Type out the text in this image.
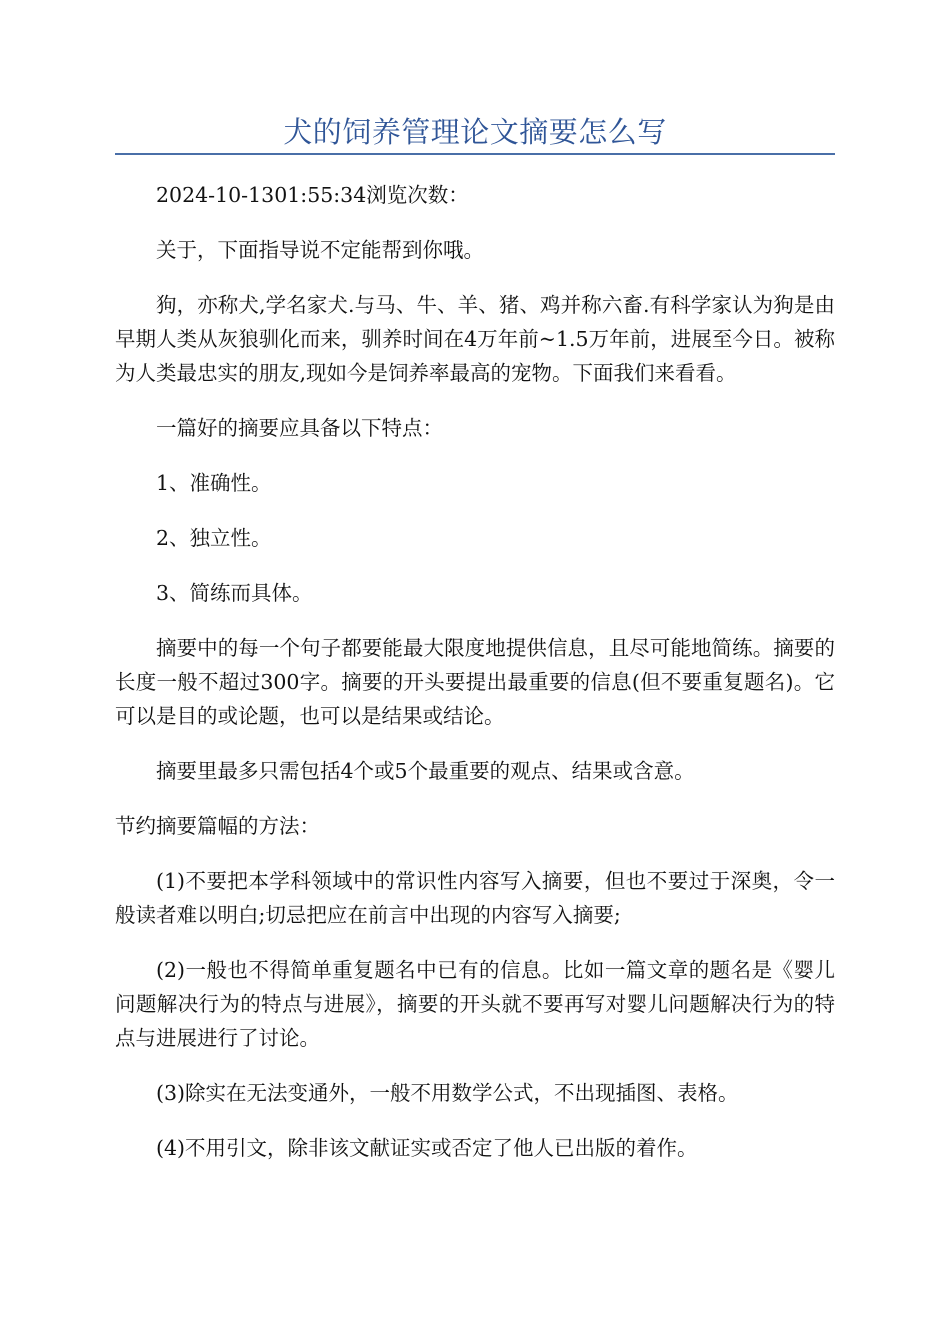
犬的饲养管理论文摘要怎么写

2024-10-1301:55:34浏览次数：

关于，下面指导说不定能帮到你哦。

狗，亦称犬,学名家犬.与马、牛、羊、猪、鸡并称六畜.有科学家认为狗是由早期人类从灰狼驯化而来，驯养时间在4万年前~1.5万年前，进展至今日。被称为人类最忠实的朋友,现如今是饲养率最高的宠物。下面我们来看看。

一篇好的摘要应具备以下特点：

1、准确性。

2、独立性。

3、简练而具体。

摘要中的每一个句子都要能最大限度地提供信息，且尽可能地简练。摘要的长度一般不超过300字。摘要的开头要提出最重要的信息(但不要重复题名)。它可以是目的或论题，也可以是结果或结论。

摘要里最多只需包括4个或5个最重要的观点、结果或含意。

节约摘要篇幅的方法：

(1)不要把本学科领域中的常识性内容写入摘要，但也不要过于深奥，令一般读者难以明白;切忌把应在前言中出现的内容写入摘要;

(2)一般也不得简单重复题名中已有的信息。比如一篇文章的题名是《婴儿问题解决行为的特点与进展》，摘要的开头就不要再写对婴儿问题解决行为的特点与进展进行了讨论。

(3)除实在无法变通外，一般不用数学公式，不出现插图、表格。

(4)不用引文，除非该文献证实或否定了他人已出版的着作。
